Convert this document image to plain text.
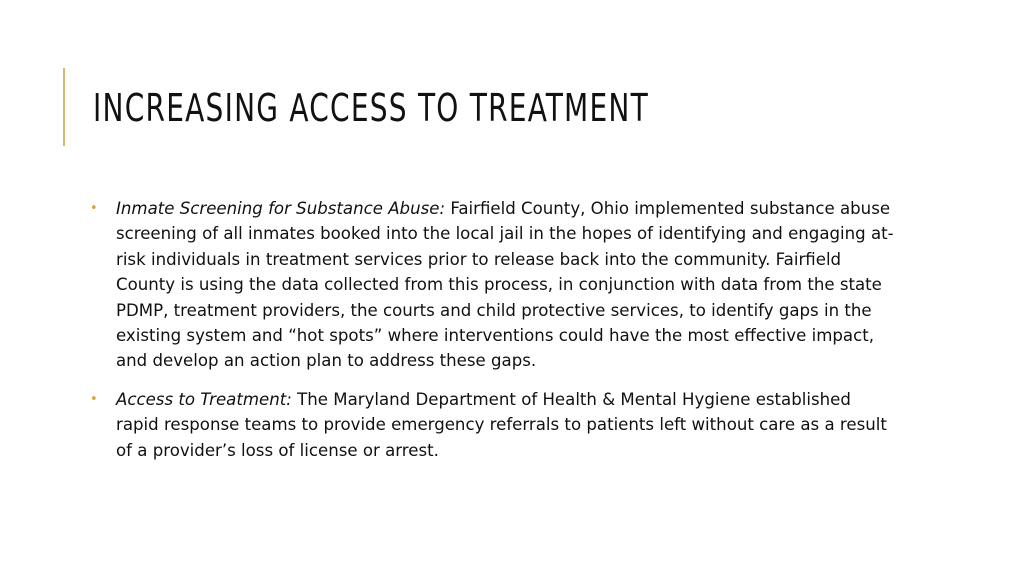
INCREASING ACCESS TO TREATMENT
• Inmate Screening for Substance Abuse: Fairfield County, Ohio implemented substance abuse screening of all inmates booked into the local jail in the hopes of identifying and engaging at-risk individuals in treatment services prior to release back into the community. Fairfield County is using the data collected from this process, in conjunction with data from the state PDMP, treatment providers, the courts and child protective services, to identify gaps in the existing system and “hot spots” where interventions could have the most effective impact, and develop an action plan to address these gaps.
• Access to Treatment: The Maryland Department of Health & Mental Hygiene established rapid response teams to provide emergency referrals to patients left without care as a result of a provider’s loss of license or arrest.
